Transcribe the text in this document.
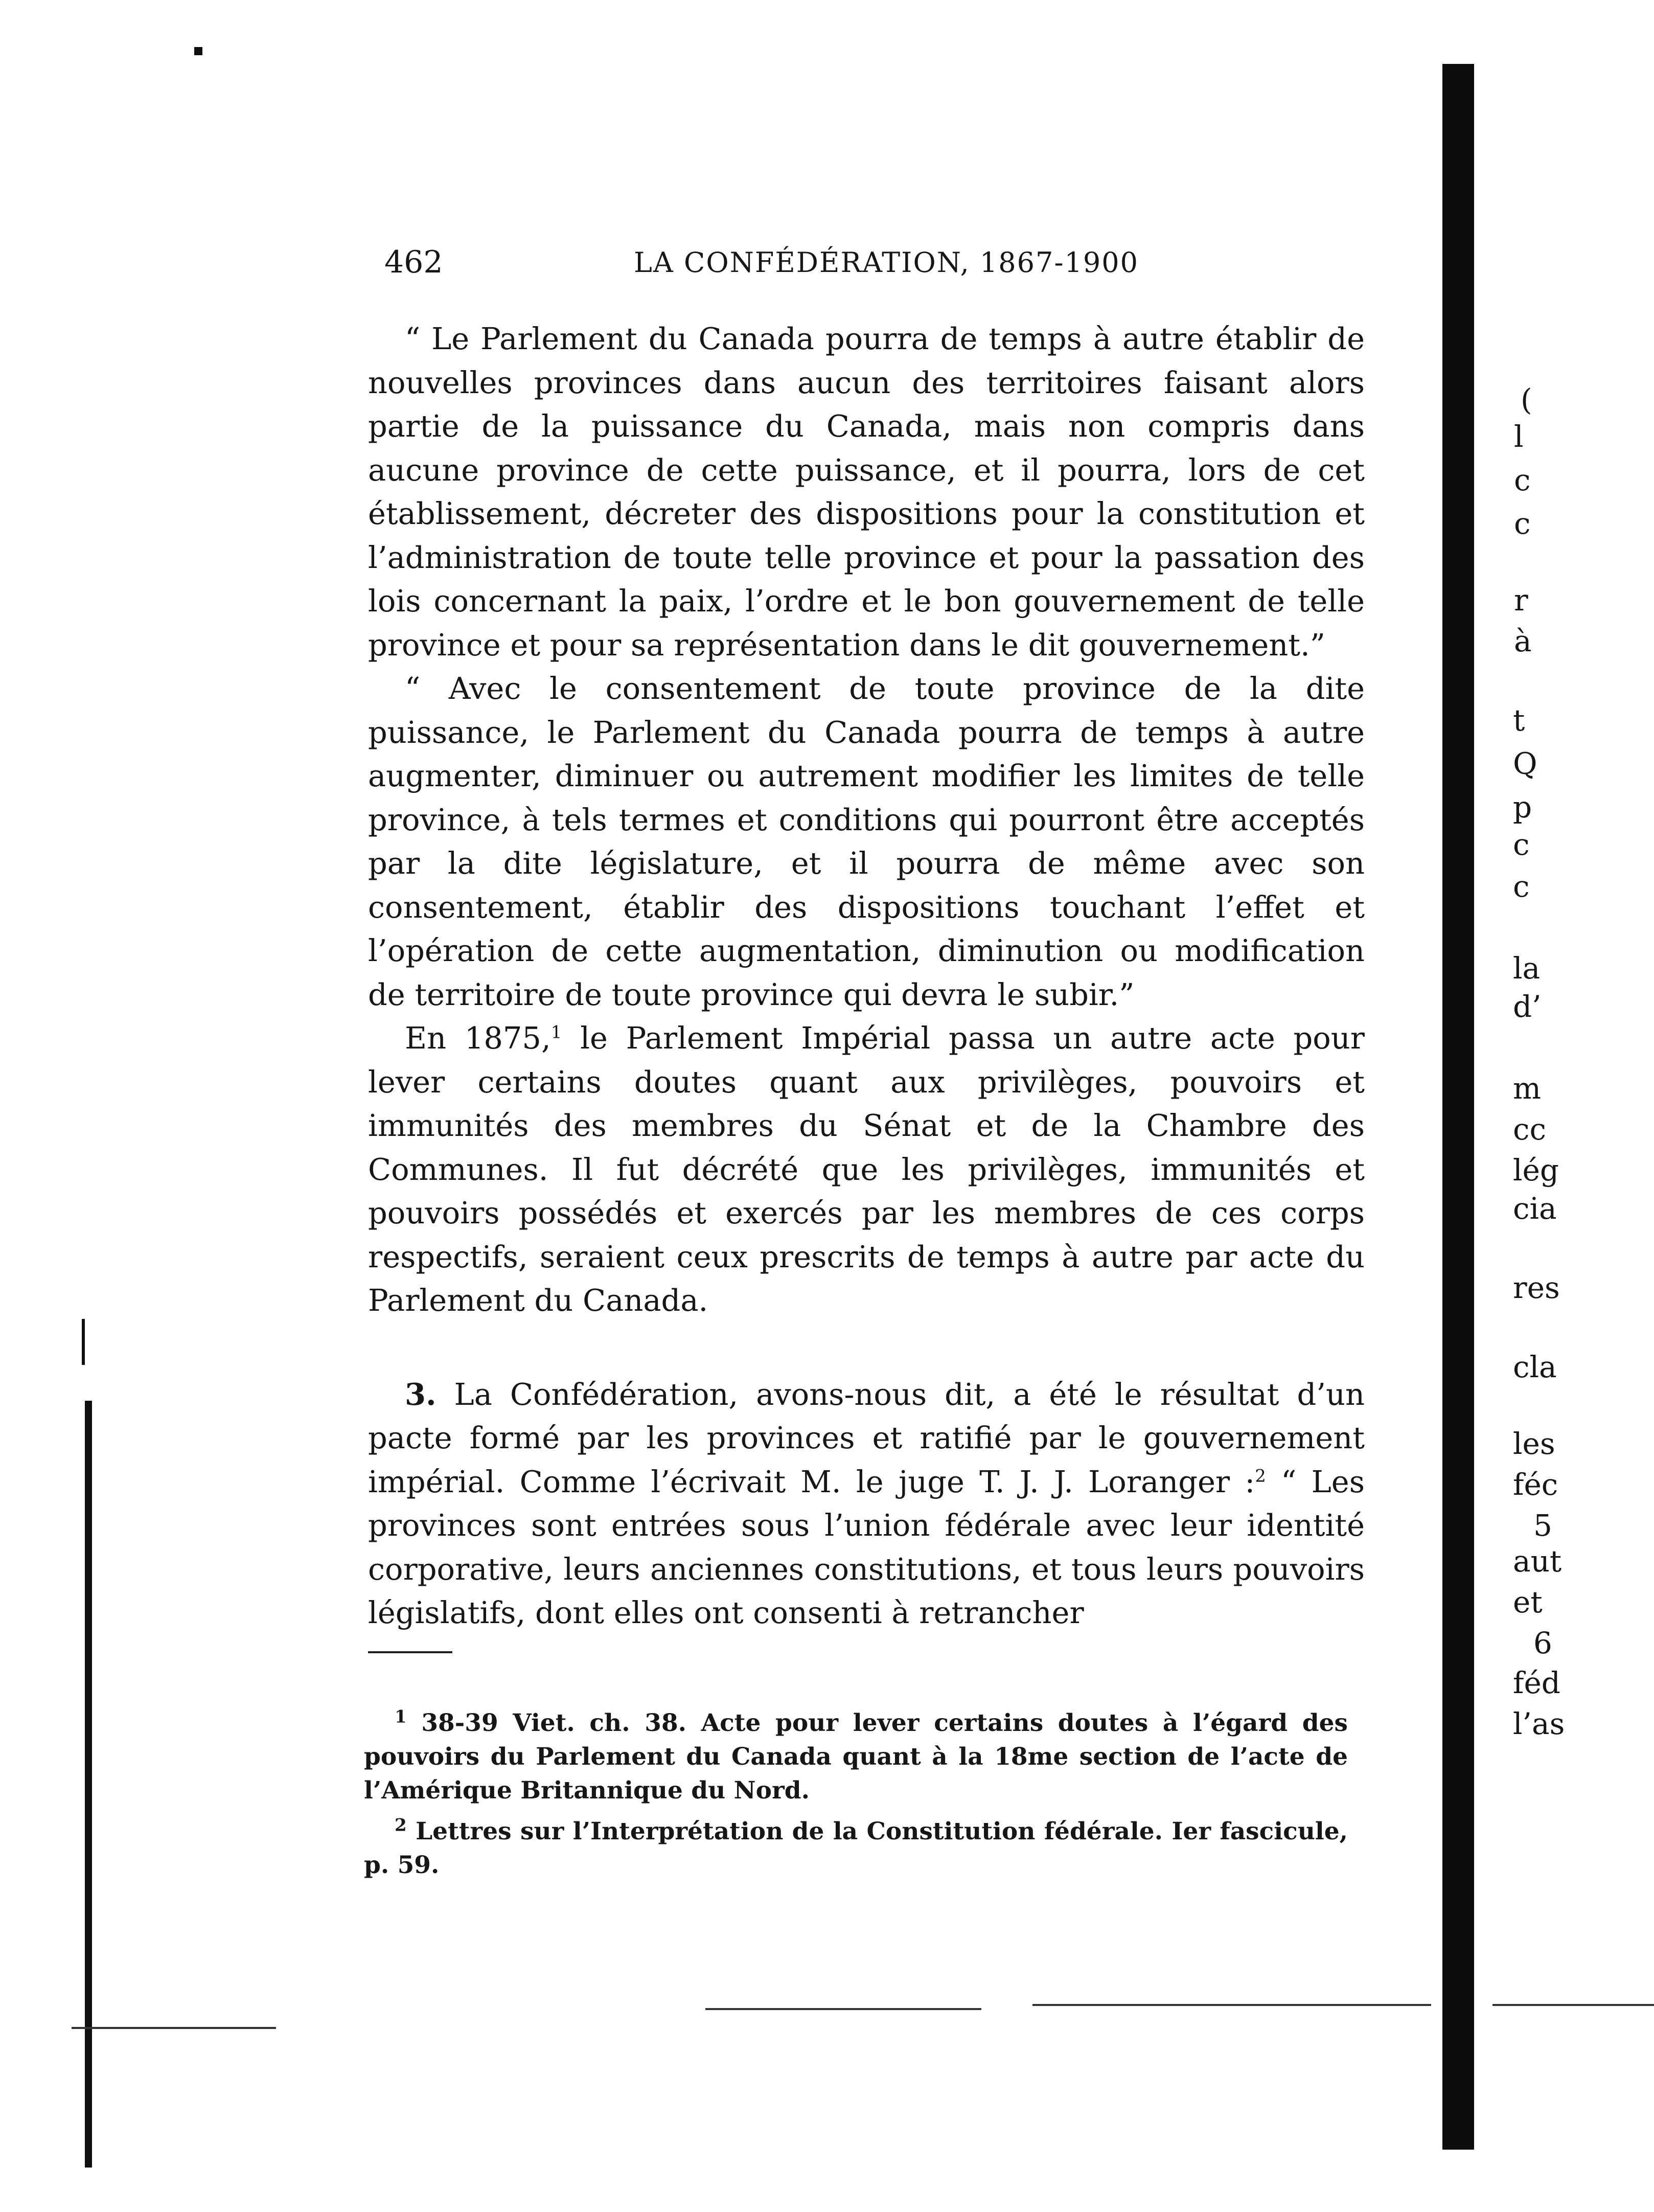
462	LA CONFÉDÉRATION, 1867-1900

“ Le Parlement du Canada pourra de temps à autre établir de nouvelles provinces dans aucun des territoires faisant alors partie de la puissance du Canada, mais non compris dans aucune province de cette puissance, et il pourra, lors de cet établissement, décreter des dispositions pour la constitution et l’administration de toute telle province et pour la passation des lois concernant la paix, l’ordre et le bon gouvernement de telle province et pour sa représentation dans le dit gouvernement.”

“ Avec le consentement de toute province de la dite puissance, le Parlement du Canada pourra de temps à autre augmenter, diminuer ou autrement modifier les limites de telle province, à tels termes et conditions qui pourront être acceptés par la dite législature, et il pourra de même avec son consentement, établir des dispositions touchant l’effet et l’opération de cette augmentation, diminution ou modification de territoire de toute province qui devra le subir.”

En 1875,$^1$ le Parlement Impérial passa un autre acte pour lever certains doutes quant aux privilèges, pouvoirs et immunités des membres du Sénat et de la Chambre des Communes. Il fut décrété que les privilèges, immunités et pouvoirs possédés et exercés par les membres de ces corps respectifs, seraient ceux prescrits de temps à autre par acte du Parlement du Canada.

3. La Confédération, avons-nous dit, a été le résultat d’un pacte formé par les provinces et ratifié par le gouvernement impérial. Comme l’écrivait M. le juge T. J. J. Loranger :$^2$ “ Les provinces sont entrées sous l’union fédérale avec leur identité corporative, leurs anciennes constitutions, et tous leurs pouvoirs législatifs, dont elles ont consenti à retrancher

$^1$ 38-39 Viet. ch. 38. Acte pour lever certains doutes à l’égard des pouvoirs du Parlement du Canada quant à la 18me section de l’acte de l’Amérique Britannique du Nord.

$^2$ Lettres sur l’Interprétation de la Constitution fédérale. Ier fascicule, p. 59.

(
l
c
c
r
à
t
Q
p
c
c
la
d’
m
cc
lég
cia
res
cla
les
féc
5
aut
et
6
féd
l’as
